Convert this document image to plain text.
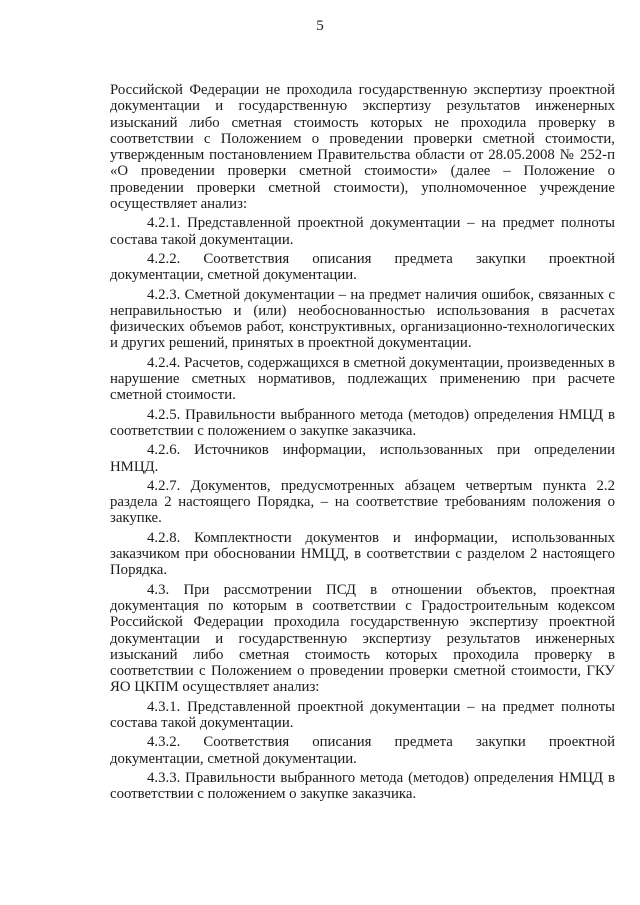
5

Российской Федерации не проходила государственную экспертизу проектной документации и государственную экспертизу результатов инженерных изысканий либо сметная стоимость которых не проходила проверку в соответствии с Положением о проведении проверки сметной стоимости, утвержденным постановлением Правительства области от 28.05.2008 № 252-п «О проведении проверки сметной стоимости» (далее – Положение о проведении проверки сметной стоимости), уполномоченное учреждение осуществляет анализ:

4.2.1. Представленной проектной документации – на предмет полноты состава такой документации.

4.2.2. Соответствия описания предмета закупки проектной документации, сметной документации.

4.2.3. Сметной документации – на предмет наличия ошибок, связанных с неправильностью и (или) необоснованностью использования в расчетах физических объемов работ, конструктивных, организационно-технологических и других решений, принятых в проектной документации.

4.2.4. Расчетов, содержащихся в сметной документации, произведенных в нарушение сметных нормативов, подлежащих применению при расчете сметной стоимости.

4.2.5. Правильности выбранного метода (методов) определения НМЦД в соответствии с положением о закупке заказчика.

4.2.6. Источников информации, использованных при определении НМЦД.

4.2.7. Документов, предусмотренных абзацем четвертым пункта 2.2 раздела 2 настоящего Порядка, – на соответствие требованиям положения о закупке.

4.2.8. Комплектности документов и информации, использованных заказчиком при обосновании НМЦД, в соответствии с разделом 2 настоящего Порядка.

4.3. При рассмотрении ПСД в отношении объектов, проектная документация по которым в соответствии с Градостроительным кодексом Российской Федерации проходила государственную экспертизу проектной документации и государственную экспертизу результатов инженерных изысканий либо сметная стоимость которых проходила проверку в соответствии с Положением о проведении проверки сметной стоимости, ГКУ ЯО ЦКПМ осуществляет анализ:

4.3.1. Представленной проектной документации – на предмет полноты состава такой документации.

4.3.2. Соответствия описания предмета закупки проектной документации, сметной документации.

4.3.3. Правильности выбранного метода (методов) определения НМЦД в соответствии с положением о закупке заказчика.
